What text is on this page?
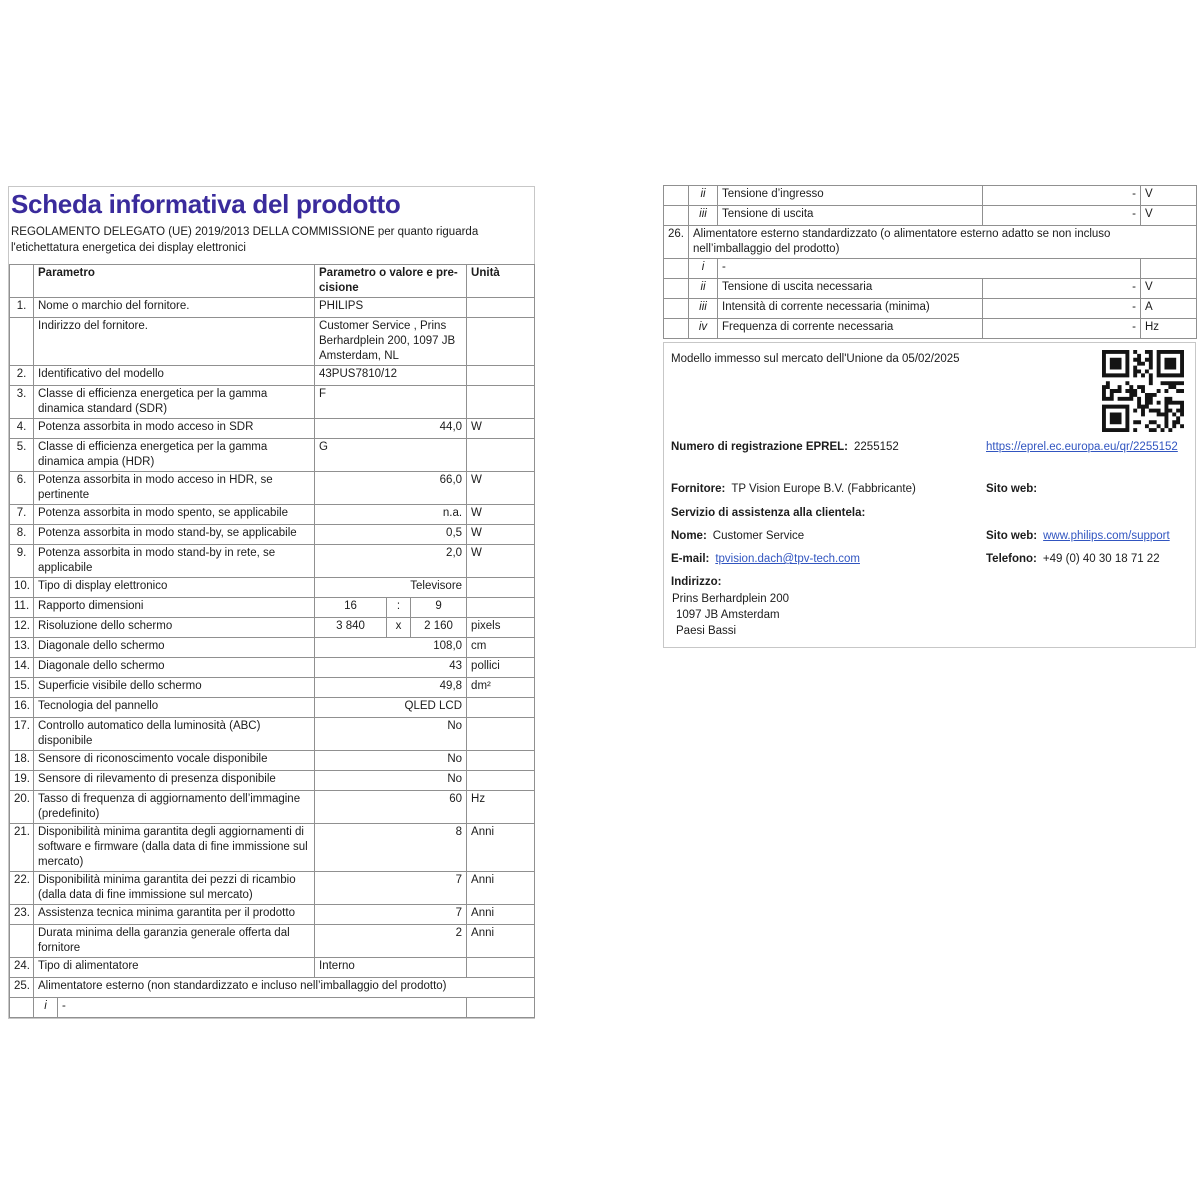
Scheda informativa del prodotto

REGOLAMENTO DELEGATO (UE) 2019/2013 DELLA COMMISSIONE per quanto riguarda l'etichettatura energetica dei display elettronici

	Parametro		Parametro o valore e precisione			Unità
1.	Nome o marchio del fornitore.		PHILIPS			
	Indirizzo del fornitore.		Customer Service , Prins Berhardplein 200, 1097 JB Amsterdam, NL			
2.	Identificativo del modello		43PUS7810/12			
3.	Classe di efficienza energetica per la gamma dinamica standard (SDR)		F			
4.	Potenza assorbita in modo acceso in SDR		44,0			W
5.	Classe di efficienza energetica per la gamma dinamica ampia (HDR)		G			
6.	Potenza assorbita in modo acceso in HDR, se pertinente		66,0			W
7.	Potenza assorbita in modo spento, se applicabile		n.a.			W
8.	Potenza assorbita in modo stand-by, se applicabile		0,5			W
9.	Potenza assorbita in modo stand-by in rete, se applicabile		2,0			W
10.	Tipo di display elettronico		Televisore			
11.	Rapporto dimensioni		16	:	9	
12.	Risoluzione dello schermo		3 840	x	2 160	pixels
13.	Diagonale dello schermo		108,0			cm
14.	Diagonale dello schermo		43			pollici
15.	Superficie visibile dello schermo		49,8			dm²
16.	Tecnologia del pannello		QLED LCD			
17.	Controllo automatico della luminosità (ABC) disponibile		No			
18.	Sensore di riconoscimento vocale disponibile		No			
19.	Sensore di rilevamento di presenza disponibile		No			
20.	Tasso di frequenza di aggiornamento dell’immagine (predefinito)		60			Hz
21.	Disponibilità minima garantita degli aggiornamenti di software e firmware (dalla data di fine immissione sul mercato)		8			Anni
22.	Disponibilità minima garantita dei pezzi di ricambio (dalla data di fine immissione sul mercato)		7			Anni
23.	Assistenza tecnica minima garantita per il prodotto		7			Anni
	Durata minima della garanzia generale offerta dal fornitore		2			Anni
24.	Tipo di alimentatore		Interno			
25.	Alimentatore esterno (non standardizzato e incluso nell’imballaggio del prodotto)					
	i	-				
	ii	Tensione d’ingresso	-	V
	iii	Tensione di uscita	-	V
26.	Alimentatore esterno standardizzato (o alimentatore esterno adatto se non incluso nell’imballaggio del prodotto)			
	i	-		
	ii	Tensione di uscita necessaria	-	V
	iii	Intensità di corrente necessaria (minima)	-	A
	iv	Frequenza di corrente necessaria	-	Hz
Modello immesso sul mercato dell'Unione da 05/02/2025
Numero di registrazione EPREL: 2255152	https://eprel.ec.europa.eu/qr/2255152
Fornitore: TP Vision Europe B.V. (Fabbricante)	Sito web:
Servizio di assistenza alla clientela:
Nome: Customer Service	Sito web: www.philips.com/support
E-mail: tpvision.dach@tpv-tech.com	Telefono: +49 (0) 40 30 18 71 22
Indirizzo:
Prins Berhardplein 200
1097 JB Amsterdam
Paesi Bassi
